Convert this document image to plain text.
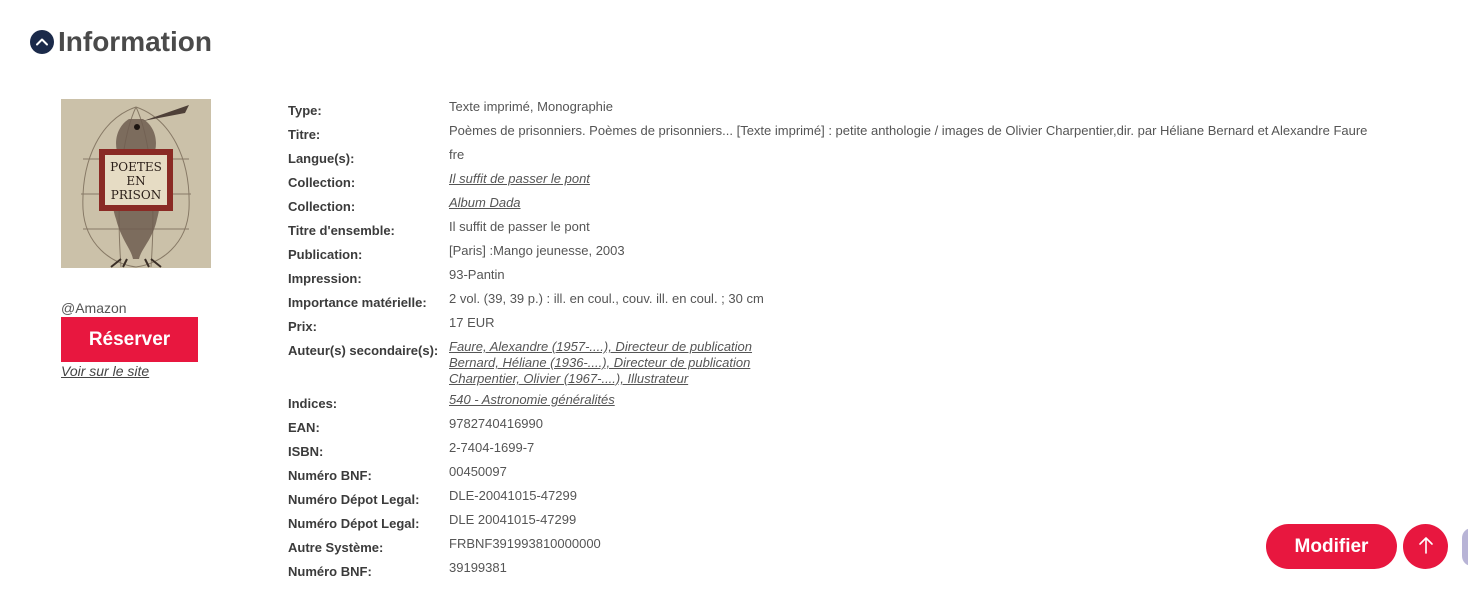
Information
POETES
EN
PRISON
@Amazon
Réserver
Voir sur le site
Type:	Texte imprimé, Monographie
Titre:	Poèmes de prisonniers. Poèmes de prisonniers... [Texte imprimé] : petite anthologie / images de Olivier Charpentier,dir. par Héliane Bernard et Alexandre Faure
Langue(s):	fre
Collection:	Il suffit de passer le pont
Collection:	Album Dada
Titre d'ensemble:	Il suffit de passer le pont
Publication:	[Paris] :Mango jeunesse, 2003
Impression:	93-Pantin
Importance matérielle:	2 vol. (39, 39 p.) : ill. en coul., couv. ill. en coul. ; 30 cm
Prix:	17 EUR
Auteur(s) secondaire(s): Faure, Alexandre (1957-....), Directeur de publication
Bernard, Héliane (1936-....), Directeur de publication
Charpentier, Olivier (1967-....), Illustrateur
Indices:	540 - Astronomie généralités
EAN:	9782740416990
ISBN:	2-7404-1699-7
Numéro BNF:	00450097
Numéro Dépot Legal:	DLE-20041015-47299
Numéro Dépot Legal:	DLE 20041015-47299
Autre Système:	FRBNF391993810000000
Numéro BNF:	39199381
Modifier
